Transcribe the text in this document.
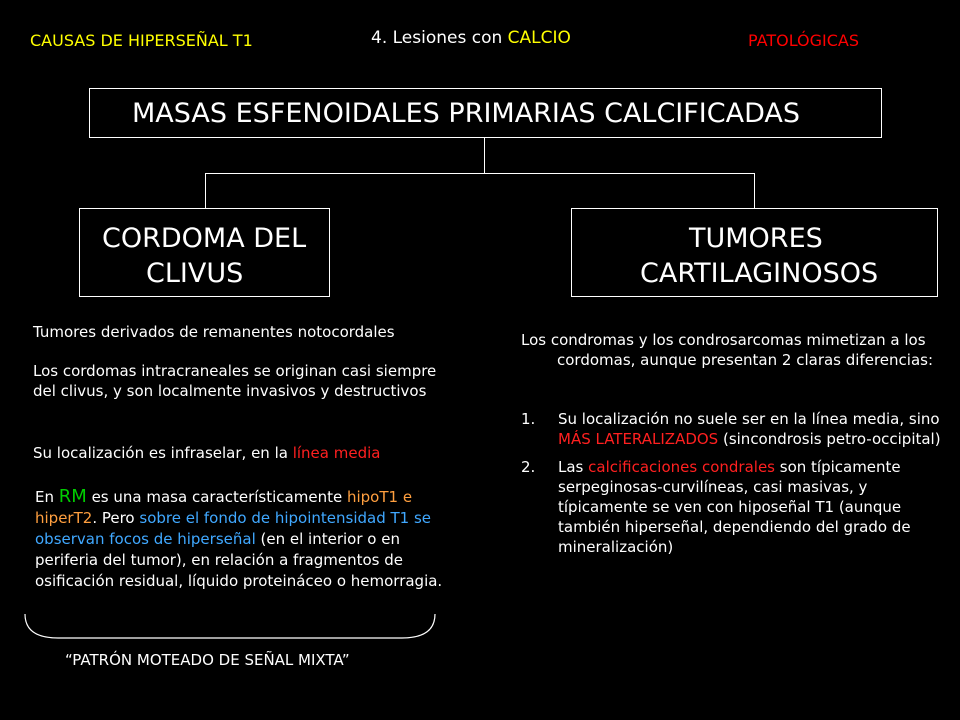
CAUSAS DE HIPERSEÑAL T1	4. Lesiones con CALCIO	PATOLÓGICAS
MASAS ESFENOIDALES PRIMARIAS CALCIFICADAS
CORDOMA DEL
CLIVUS
TUMORES
CARTILAGINOSOS
Tumores derivados de remanentes notocordales
Los cordomas intracraneales se originan casi siempre del clivus, y son localmente invasivos y destructivos
Su localización es infraselar, en la línea media
En RM es una masa característicamente hipoT1 e hiperT2. Pero sobre el fondo de hipointensidad T1 se observan focos de hiperseñal (en el interior o en periferia del tumor), en relación a fragmentos de osificación residual, líquido proteináceo o hemorragia.
“PATRÓN MOTEADO DE SEÑAL MIXTA”
Los condromas y los condrosarcomas mimetizan a los cordomas, aunque presentan 2 claras diferencias:
1. Su localización no suele ser en la línea media, sino MÁS LATERALIZADOS (sincondrosis petro-occipital)
2. Las calcificaciones condrales son típicamente serpeginosas-curvilíneas, casi masivas, y típicamente se ven con hiposeñal T1 (aunque también hiperseñal, dependiendo del grado de mineralización)
